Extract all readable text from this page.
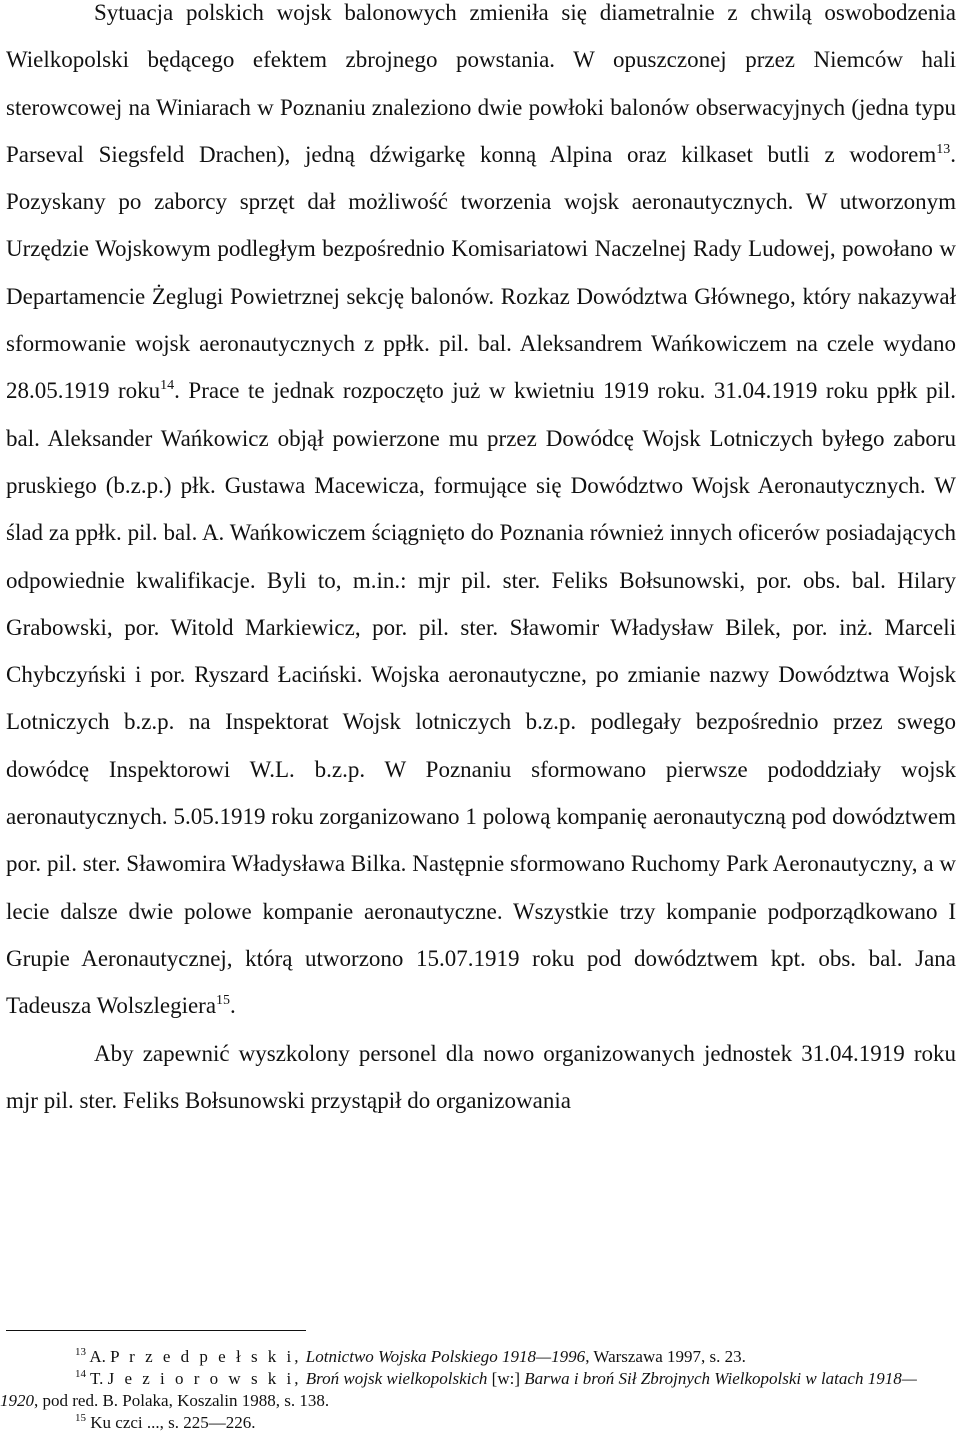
Sytuacja polskich wojsk balonowych zmieniła się diametralnie z chwilą oswobodzenia Wielkopolski będącego efektem zbrojnego powstania. W opuszczonej przez Niemców hali sterowcowej na Winiarach w Poznaniu znaleziono dwie powłoki balonów obserwacyjnych (jedna typu Parseval Siegsfeld Drachen), jedną dźwigarkę konną Alpina oraz kilkaset butli z wodorem$^{13}$. Pozyskany po zaborcy sprzęt dał możliwość tworzenia wojsk aeronautycznych. W utworzonym Urzędzie Wojskowym podległym bezpośrednio Komisariatowi Naczelnej Rady Ludowej, powołano w Departamencie Żeglugi Powietrznej sekcję balonów. Rozkaz Dowództwa Głównego, który nakazywał sformowanie wojsk aeronautycznych z ppłk. pil. bal. Aleksandrem Wańkowiczem na czele wydano 28.05.1919 roku$^{14}$. Prace te jednak rozpoczęto już w kwietniu 1919 roku. 31.04.1919 roku ppłk pil. bal. Aleksander Wańkowicz objął powierzone mu przez Dowódcę Wojsk Lotniczych byłego zaboru pruskiego (b.z.p.) płk. Gustawa Macewicza, formujące się Dowództwo Wojsk Aeronautycznych. W ślad za ppłk. pil. bal. A. Wańkowiczem ściągnięto do Poznania również innych oficerów posiadających odpowiednie kwalifikacje. Byli to, m.in.: mjr pil. ster. Feliks Bołsunowski, por. obs. bal. Hilary Grabowski, por. Witold Markiewicz, por. pil. ster. Sławomir Władysław Bilek, por. inż. Marceli Chybczyński i por. Ryszard Łaciński. Wojska aeronautyczne, po zmianie nazwy Dowództwa Wojsk Lotniczych b.z.p. na Inspektorat Wojsk lotniczych b.z.p. podlegały bezpośrednio przez swego dowódcę Inspektorowi W.L. b.z.p. W Poznaniu sformowano pierwsze pododdziały wojsk aeronautycznych. 5.05.1919 roku zorganizowano 1 polową kompanię aeronautyczną pod dowództwem por. pil. ster. Sławomira Władysława Bilka. Następnie sformowano Ruchomy Park Aeronautyczny, a w lecie dalsze dwie polowe kompanie aeronautyczne. Wszystkie trzy kompanie podporządkowano I Grupie Aeronautycznej, którą utworzono 15.07.1919 roku pod dowództwem kpt. obs. bal. Jana Tadeusza Wolszlegiera$^{15}$.

Aby zapewnić wyszkolony personel dla nowo organizowanych jednostek 31.04.1919 roku mjr pil. ster. Feliks Bołsunowski przystąpił do organizowania

$^{13}$ A. P r z e d p e ł s k i, Lotnictwo Wojska Polskiego 1918—1996, Warszawa 1997, s. 23.

$^{14}$ T. J e z i o r o w s k i, Broń wojsk wielkopolskich [w:] Barwa i broń Sił Zbrojnych Wielkopolski w latach 1918—1920, pod red. B. Polaka, Koszalin 1988, s. 138.

$^{15}$ Ku czci ..., s. 225—226.
